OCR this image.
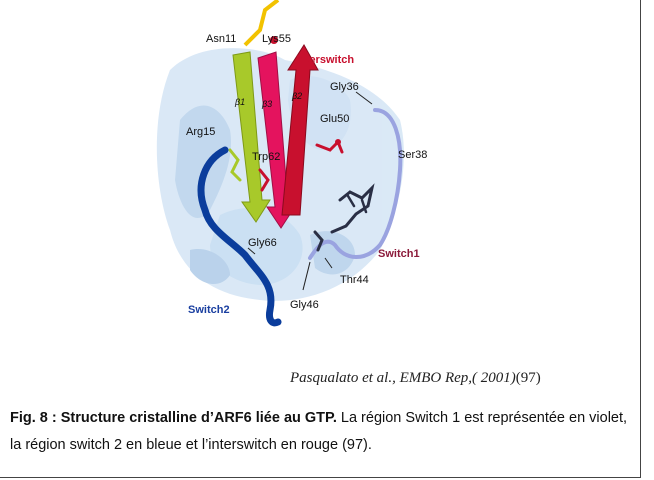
Asn11 Lys55
Interswitch
Gly36
Glu50
β1 β3
β2
Arg15
Trp62	Ser38
Gly66
Switch1
Thr44
Switch2	Gly46
Pasqualato et al., EMBO Rep,( 2001)(97)
Fig. 8 : Structure cristalline d’ARF6 liée au GTP. La région Switch 1 est représentée en violet, la région switch 2 en bleue et l’interswitch en rouge (97).
